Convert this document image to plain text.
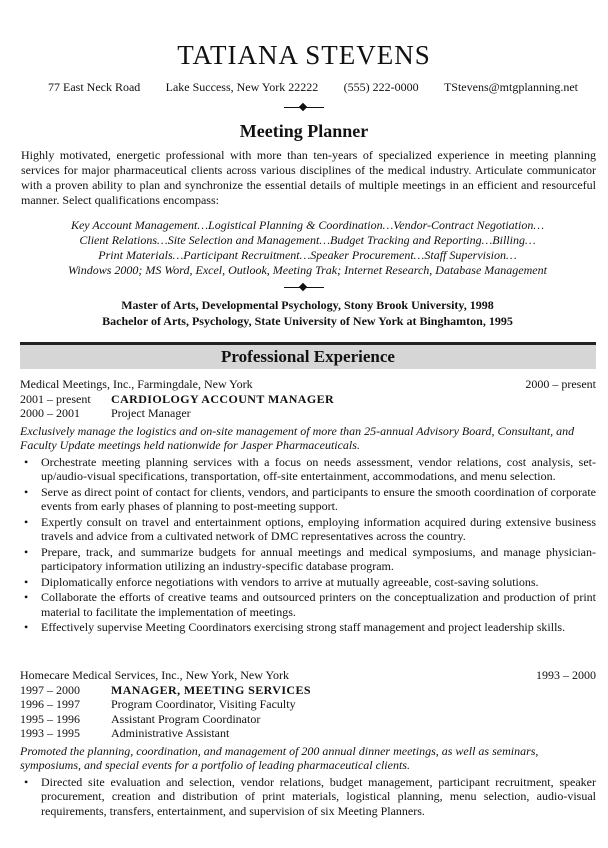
TATIANA STEVENS
77 East Neck Road Lake Success, New York 22222 (555) 222-0000 TStevens@mtgplanning.net
Meeting Planner
Highly motivated, energetic professional with more than ten-years of specialized experience in meeting planning services for major pharmaceutical clients across various disciplines of the medical industry. Articulate communicator with a proven ability to plan and synchronize the essential details of multiple meetings in an efficient and resourceful manner. Select qualifications encompass:
Key Account Management…Logistical Planning & Coordination…Vendor-Contract Negotiation…
Client Relations…Site Selection and Management…Budget Tracking and Reporting…Billing…
Print Materials…Participant Recruitment…Speaker Procurement…Staff Supervision…
Windows 2000; MS Word, Excel, Outlook, Meeting Trak; Internet Research, Database Management
Master of Arts, Developmental Psychology, Stony Brook University, 1998
Bachelor of Arts, Psychology, State University of New York at Binghamton, 1995
Professional Experience
Medical Meetings, Inc., Farmingdale, New York	2000 – present
2001 – present	CARDIOLOGY ACCOUNT MANAGER
2000 – 2001	Project Manager
Exclusively manage the logistics and on-site management of more than 25-annual Advisory Board, Consultant, and Faculty Update meetings held nationwide for Jasper Pharmaceuticals.
• Orchestrate meeting planning services with a focus on needs assessment, vendor relations, cost analysis, set-up/audio-visual specifications, transportation, off-site entertainment, accommodations, and menu selection.
• Serve as direct point of contact for clients, vendors, and participants to ensure the smooth coordination of corporate events from early phases of planning to post-meeting support.
• Expertly consult on travel and entertainment options, employing information acquired during extensive business travels and advice from a cultivated network of DMC representatives across the country.
• Prepare, track, and summarize budgets for annual meetings and medical symposiums, and manage physician-participatory information utilizing an industry-specific database program.
• Diplomatically enforce negotiations with vendors to arrive at mutually agreeable, cost-saving solutions.
• Collaborate the efforts of creative teams and outsourced printers on the conceptualization and production of print material to facilitate the implementation of meetings.
• Effectively supervise Meeting Coordinators exercising strong staff management and project leadership skills.
Homecare Medical Services, Inc., New York, New York	1993 – 2000
1997 – 2000	MANAGER, MEETING SERVICES
1996 – 1997	Program Coordinator, Visiting Faculty
1995 – 1996	Assistant Program Coordinator
1993 – 1995	Administrative Assistant
Promoted the planning, coordination, and management of 200 annual dinner meetings, as well as seminars, symposiums, and special events for a portfolio of leading pharmaceutical clients.
• Directed site evaluation and selection, vendor relations, budget management, participant recruitment, speaker procurement, creation and distribution of print materials, logistical planning, menu selection, audio-visual requirements, transfers, entertainment, and supervision of six Meeting Planners.
